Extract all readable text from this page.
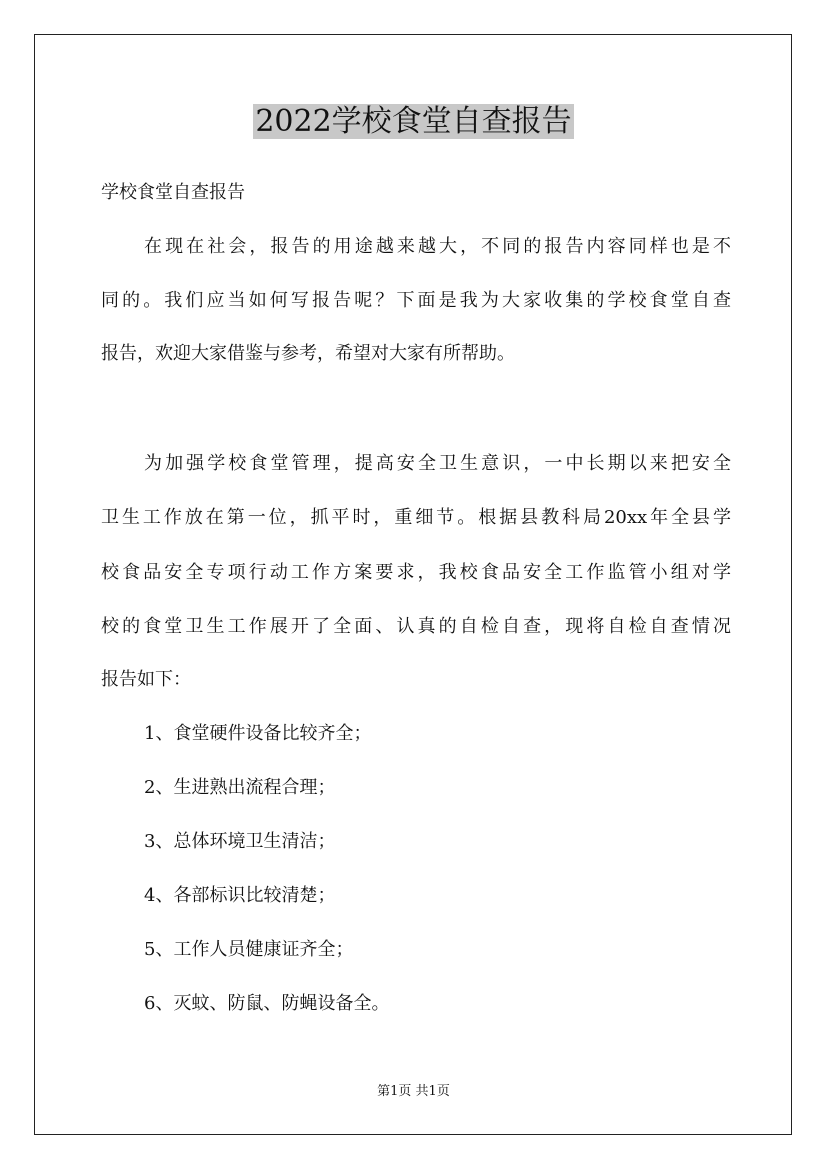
2022学校食堂自查报告

学校食堂自查报告

在现在社会，报告的用途越来越大，不同的报告内容同样也是不

同的。我们应当如何写报告呢？下面是我为大家收集的学校食堂自查

报告，欢迎大家借鉴与参考，希望对大家有所帮助。

为加强学校食堂管理，提高安全卫生意识，一中长期以来把安全

卫生工作放在第一位，抓平时，重细节。根据县教科局20xx年全县学

校食品安全专项行动工作方案要求，我校食品安全工作监管小组对学

校的食堂卫生工作展开了全面、认真的自检自查，现将自检自查情况

报告如下：

1、食堂硬件设备比较齐全；

2、生进熟出流程合理；

3、总体环境卫生清洁；

4、各部标识比较清楚；

5、工作人员健康证齐全；

6、灭蚊、防鼠、防蝇设备全。

第1页 共1页
